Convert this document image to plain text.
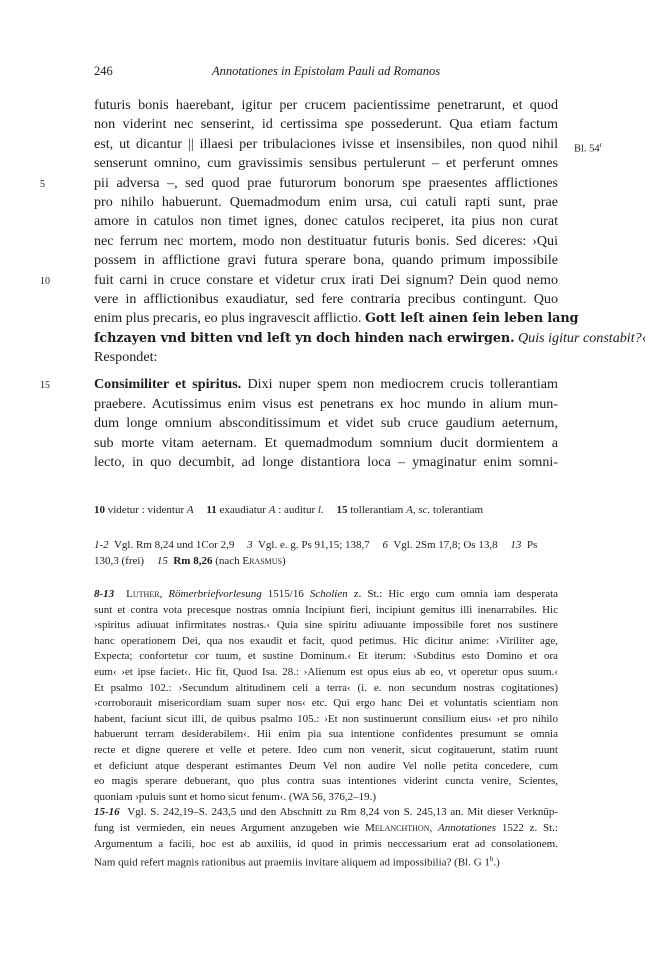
246	Annotationes in Epistolam Pauli ad Romanos
futuris bonis haerebant, igitur per crucem pacientissime penetrarunt, et quod
non viderint nec senserint, id certissima spe possederunt. Qua etiam factum
est, ut dicantur || illaesi per tribulaciones ivisse et insensibiles, non quod nihil Bl. 54$^r$
senserunt omnino, cum gravissimis sensibus pertulerunt – et perferunt omnes
5	pii adversa –, sed quod prae futurorum bonorum spe praesentes afflictiones
pro nihilo habuerunt. Quemadmodum enim ursa, cui catuli rapti sunt, prae
amore in catulos non timet ignes, donec catulos reciperet, ita pius non curat
nec ferrum nec mortem, modo non destituatur futuris bonis. Sed diceres: ›Qui
possem in afflictione gravi futura sperare bona, quando primum impossibile
10	fuit carni in cruce constare et videtur crux irati Dei signum? Dein quod nemo
vere in afflictionibus exaudiatur, sed fere contraria precibus contingunt. Quo
enim plus precaris, eo plus ingravescit afflictio. Gott leſt ainen ſein leben lang
ſchzayen vnd bitten vnd leſt yn doch hinden nach erwirgen. Quis igitur constabit?‹
Respondet:
15	Consimiliter et spiritus. Dixi nuper spem non mediocrem crucis tollerantiam
praebere. Acutissimus enim visus est penetrans ex hoc mundo in alium mun-
dum longe omnium absconditissimum et videt sub cruce gaudium aeternum,
sub morte vitam aeternam. Et quemadmodum somnium ducit dormientem a
lecto, in quo decumbit, ad longe distantiora loca – ymaginatur enim somni-
10 videtur : videntur A 11 exaudiatur A : auditur l. 15 tollerantiam A, sc. tolerantiam
1-2 Vgl. Rm 8,24 und 1Cor 2,9 3 Vgl. e. g. Ps 91,15; 138,7 6 Vgl. 2Sm 17,8; Os 13,8 13 Ps
130,3 (frei) 15 Rm 8,26 (nach Erasmus)
8-13 Luther, Römerbriefvorlesung 1515/16 Scholien z. St.: Hic ergo cum omnia iam desperata
sunt et contra vota precesque nostras omnia Incipiunt fieri, incipiunt gemitus illi inenarrabiles. Hic
›spiritus adiuuat infirmitates nostras.‹ Quia sine spiritu adiuuante impossibile foret nos sustinere
hanc operationem Dei, qua nos exaudit et facit, quod petimus. Hic dicitur anime: ›Viriliter age,
Expecta; confortetur cor tuum, et sustine Dominum.‹ Et iterum: ›Subditus esto Domino et ora
eum‹ ›et ipse faciet‹. Hic fit, Quod Isa. 28.: ›Alienum est opus eius ab eo, vt operetur opus suum.‹
Et psalmo 102.: ›Secundum altitudinem celi a terra‹ (i. e. non secundum nostras cogitationes)
›corroborauit misericordiam suam super nos‹ etc. Qui ergo hanc Dei et voluntatis scientiam non
habent, faciunt sicut illi, de quibus psalmo 105.: ›Et non sustinuerunt consilium eius‹ ›et pro nihilo
habuerunt terram desiderabilem‹. Hii enim pia sua intentione confidentes presumunt se omnia
recte et digne querere et velle et petere. Ideo cum non venerit, sicut cogitauerunt, statim ruunt
et deficiunt atque desperant estimantes Deum Vel non audire Vel nolle petita concedere, cum
eo magis sperare debuerant, quo plus contra suas intentiones viderint cuncta venire, Scientes,
quoniam ›puluis sunt et homo sicut fenum‹. (WA 56, 376,2–19.)
15-16 Vgl. S. 242,19–S. 243,5 und den Abschnitt zu Rm 8,24 von S. 245,13 an. Mit dieser Verknüp-
fung ist vermieden, ein neues Argument anzugeben wie Melanchthon, Annotationes 1522 z. St.:
Argumentum a facili, hoc est ab auxiliis, id quod in primis neccessarium erat ad consolationem.
Nam quid refert magnis rationibus aut praemiis invitare aliquem ad impossibilia? (Bl. G 1$^b$.)
